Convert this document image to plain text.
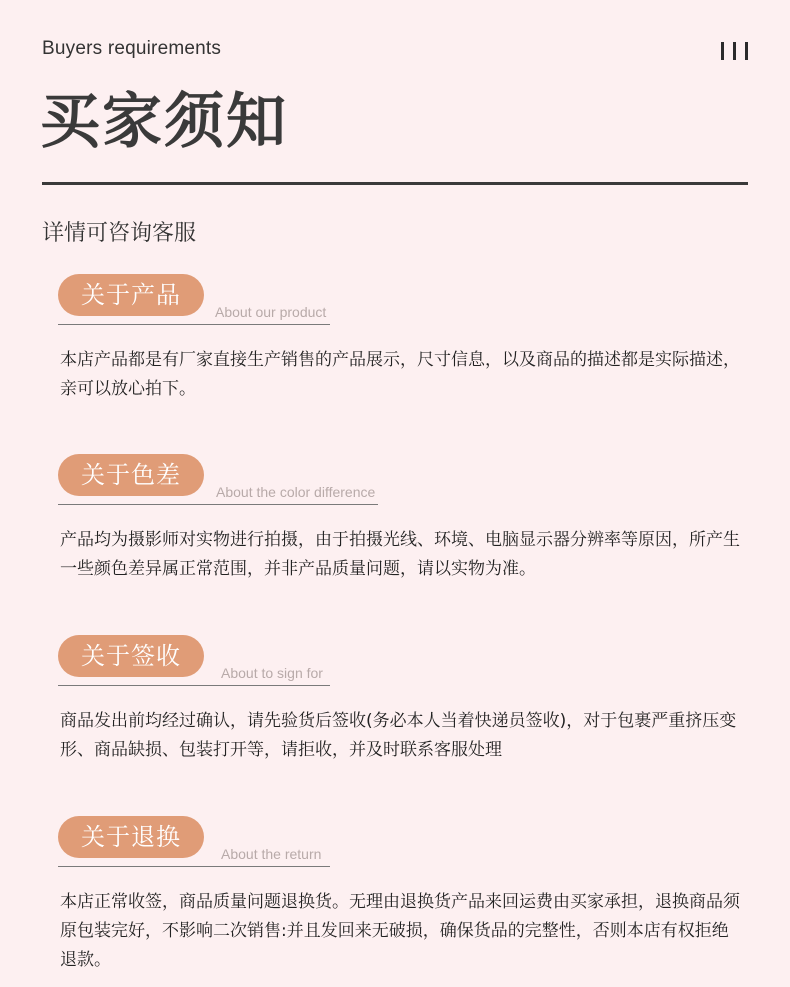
Buyers requirements
买家须知
详情可咨询客服
关于产品
About our product
本店产品都是有厂家直接生产销售的产品展示，尺寸信息，以及商品的描述都是实际描述，亲可以放心拍下。
关于色差
About the color difference
产品均为摄影师对实物进行拍摄，由于拍摄光线、环境、电脑显示器分辨率等原因，所产生一些颜色差异属正常范围，并非产品质量问题，请以实物为准。
关于签收
About to sign for
商品发出前均经过确认，请先验货后签收(务必本人当着快递员签收)，对于包裹严重挤压变形、商品缺损、包装打开等，请拒收，并及时联系客服处理
关于退换
About the return
本店正常收签，商品质量问题退换货。无理由退换货产品来回运费由买家承担，退换商品须原包装完好，不影响二次销售:并且发回来无破损，确保货品的完整性，否则本店有权拒绝退款。
